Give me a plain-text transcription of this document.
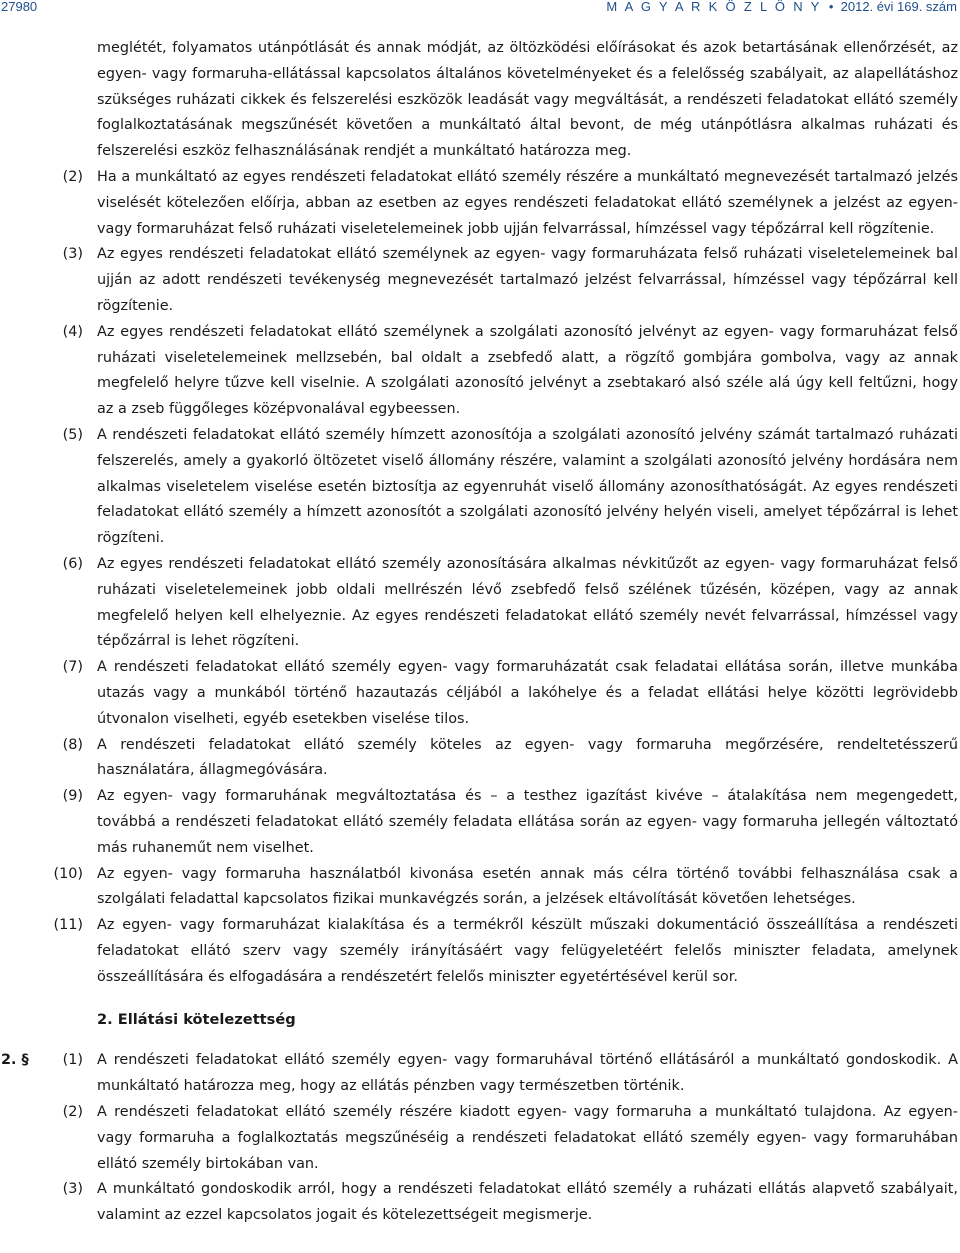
27980	M A G Y A R K Ö Z L Ö N Y • 2012. évi 169. szám
meglétét, folyamatos utánpótlását és annak módját, az öltözködési előírásokat és azok betartásának ellenőrzését, az egyen- vagy formaruha-ellátással kapcsolatos általános követelményeket és a felelősség szabályait, az alapellátáshoz szükséges ruházati cikkek és felszerelési eszközök leadását vagy megváltását, a rendészeti feladatokat ellátó személy foglalkoztatásának megszűnését követően a munkáltató által bevont, de még utánpótlásra alkalmas ruházati és felszerelési eszköz felhasználásának rendjét a munkáltató határozza meg.
(2) Ha a munkáltató az egyes rendészeti feladatokat ellátó személy részére a munkáltató megnevezését tartalmazó jelzés viselését kötelezően előírja, abban az esetben az egyes rendészeti feladatokat ellátó személynek a jelzést az egyen- vagy formaruházat felső ruházati viseletelemeinek jobb ujján felvarrással, hímzéssel vagy tépőzárral kell rögzítenie.
(3) Az egyes rendészeti feladatokat ellátó személynek az egyen- vagy formaruházata felső ruházati viseletelemeinek bal ujján az adott rendészeti tevékenység megnevezését tartalmazó jelzést felvarrással, hímzéssel vagy tépőzárral kell rögzítenie.
(4) Az egyes rendészeti feladatokat ellátó személynek a szolgálati azonosító jelvényt az egyen- vagy formaruházat felső ruházati viseletelemeinek mellzsebén, bal oldalt a zsebfedő alatt, a rögzítő gombjára gombolva, vagy az annak megfelelő helyre tűzve kell viselnie. A szolgálati azonosító jelvényt a zsebtakaró alsó széle alá úgy kell feltűzni, hogy az a zseb függőleges középvonalával egybeessen.
(5) A rendészeti feladatokat ellátó személy hímzett azonosítója a szolgálati azonosító jelvény számát tartalmazó ruházati felszerelés, amely a gyakorló öltözetet viselő állomány részére, valamint a szolgálati azonosító jelvény hordására nem alkalmas viseletelem viselése esetén biztosítja az egyenruhát viselő állomány azonosíthatóságát. Az egyes rendészeti feladatokat ellátó személy a hímzett azonosítót a szolgálati azonosító jelvény helyén viseli, amelyet tépőzárral is lehet rögzíteni.
(6) Az egyes rendészeti feladatokat ellátó személy azonosítására alkalmas névkitűzőt az egyen- vagy formaruházat felső ruházati viseletelemeinek jobb oldali mellrészén lévő zsebfedő felső szélének tűzésén, középen, vagy az annak megfelelő helyen kell elhelyeznie. Az egyes rendészeti feladatokat ellátó személy nevét felvarrással, hímzéssel vagy tépőzárral is lehet rögzíteni.
(7) A rendészeti feladatokat ellátó személy egyen- vagy formaruházatát csak feladatai ellátása során, illetve munkába utazás vagy a munkából történő hazautazás céljából a lakóhelye és a feladat ellátási helye közötti legrövidebb útvonalon viselheti, egyéb esetekben viselése tilos.
(8) A rendészeti feladatokat ellátó személy köteles az egyen- vagy formaruha megőrzésére, rendeltetésszerű használatára, állagmegóvására.
(9) Az egyen- vagy formaruhának megváltoztatása és – a testhez igazítást kivéve – átalakítása nem megengedett, továbbá a rendészeti feladatokat ellátó személy feladata ellátása során az egyen- vagy formaruha jellegén változtató más ruhaneműt nem viselhet.
(10) Az egyen- vagy formaruha használatból kivonása esetén annak más célra történő további felhasználása csak a szolgálati feladattal kapcsolatos fizikai munkavégzés során, a jelzések eltávolítását követően lehetséges.
(11) Az egyen- vagy formaruházat kialakítása és a termékről készült műszaki dokumentáció összeállítása a rendészeti feladatokat ellátó szerv vagy személy irányításáért vagy felügyeletéért felelős miniszter feladata, amelynek összeállítására és elfogadására a rendészetért felelős miniszter egyetértésével kerül sor.
2. Ellátási kötelezettség
2. § (1) A rendészeti feladatokat ellátó személy egyen- vagy formaruhával történő ellátásáról a munkáltató gondoskodik. A munkáltató határozza meg, hogy az ellátás pénzben vagy természetben történik.
(2) A rendészeti feladatokat ellátó személy részére kiadott egyen- vagy formaruha a munkáltató tulajdona. Az egyen- vagy formaruha a foglalkoztatás megszűnéséig a rendészeti feladatokat ellátó személy egyen- vagy formaruhában ellátó személy birtokában van.
(3) A munkáltató gondoskodik arról, hogy a rendészeti feladatokat ellátó személy a ruházati ellátás alapvető szabályait, valamint az ezzel kapcsolatos jogait és kötelezettségeit megismerje.
